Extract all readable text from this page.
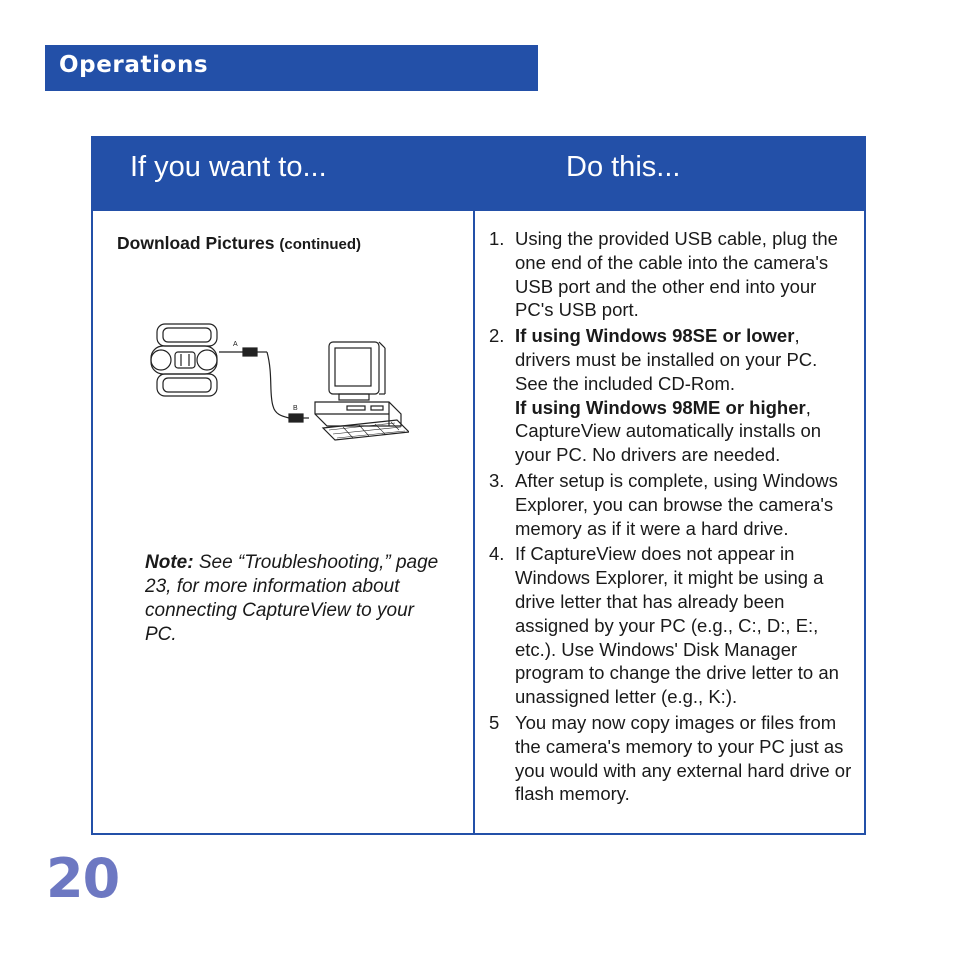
Operations
If you want to...	Do this...
Download Pictures (continued)
A
B
Note: See “Troubleshooting,” page 23, for more information about connecting CaptureView to your PC.
1. Using the provided USB cable, plug the one end of the cable into the camera's USB port and the other end into your PC's USB port.
2. If using Windows 98SE or lower, drivers must be installed on your PC. See the included CD-Rom.
If using Windows 98ME or higher, CaptureView automatically installs on your PC. No drivers are needed.
3. After setup is complete, using Windows Explorer, you can browse the camera's memory as if it were a hard drive.
4. If CaptureView does not appear in Windows Explorer, it might be using a drive letter that has already been assigned by your PC (e.g., C:, D:, E:, etc.). Use Windows' Disk Manager program to change the drive letter to an unassigned letter (e.g., K:).
5 You may now copy images or files from the camera's memory to your PC just as you would with any external hard drive or flash memory.
20
